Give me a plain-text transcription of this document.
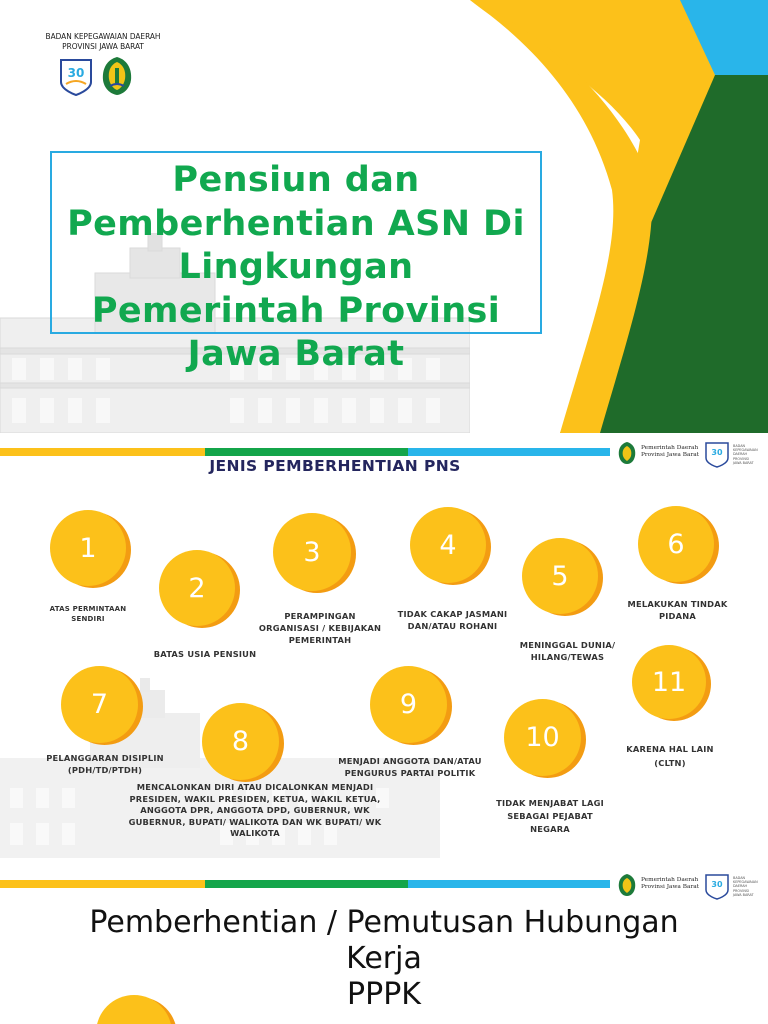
BADAN KEPEGAWAIAN DAERAH
PROVINSI JAWA BARAT
30
Pensiun dan
Pemberhentian ASN Di
Lingkungan
Pemerintah Provinsi
Jawa Barat
Pemerintah Daerah
Provinsi Jawa Barat	30
BADAN
KEPEGAWAIAN
DAERAH
PROVINSI
JAWA BARAT
JENIS PEMBERHENTIAN PNS
1
2
3	4
5
6
7
8
9
10
11
ATAS PERMINTAAN
SENDIRI
BATAS USIA PENSIUN
PERAMPINGAN
ORGANISASI / KEBIJAKAN
PEMERINTAH
TIDAK CAKAP JASMANI
DAN/ATAU ROHANI
MENINGGAL DUNIA/
HILANG/TEWAS
MELAKUKAN TINDAK
PIDANA
PELANGGARAN DISIPLIN
(PDH/TD/PTDH)
MENCALONKAN DIRI ATAU DICALONKAN MENJADI
PRESIDEN, WAKIL PRESIDEN, KETUA, WAKIL KETUA,
ANGGOTA DPR, ANGGOTA DPD, GUBERNUR, WK
GUBERNUR, BUPATI/ WALIKOTA DAN WK BUPATI/ WK
WALIKOTA
MENJADI ANGGOTA DAN/ATAU
PENGURUS PARTAI POLITIK
TIDAK MENJABAT LAGI
SEBAGAI PEJABAT
NEGARA
KARENA HAL LAIN
(CLTN)
Pemerintah Daerah
Provinsi Jawa Barat	30
BADAN
KEPEGAWAIAN
DAERAH
PROVINSI
JAWA BARAT
Pemberhentian / Pemutusan Hubungan
Kerja
PPPK
